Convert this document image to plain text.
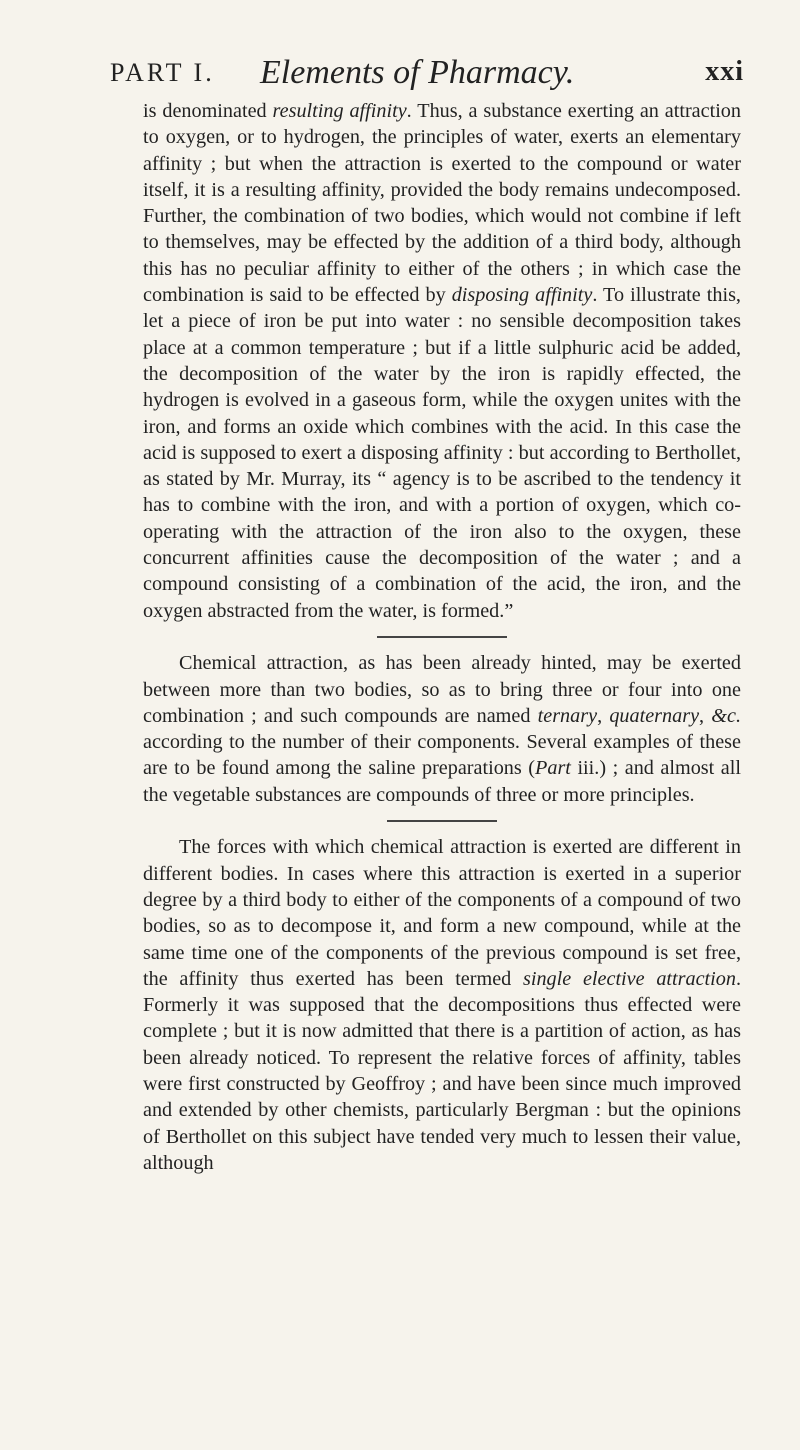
PART I. Elements of Pharmacy.	xxi

is denominated resulting affinity. Thus, a substance exerting an attraction to oxygen, or to hydrogen, the principles of water, exerts an elementary affinity ; but when the attraction is exerted to the compound or water itself, it is a resulting affinity, provided the body remains undecomposed. Further, the combination of two bodies, which would not combine if left to themselves, may be effected by the addition of a third body, although this has no peculiar affinity to either of the others ; in which case the combination is said to be effected by disposing affinity. To illustrate this, let a piece of iron be put into water : no sensible decomposition takes place at a common temperature ; but if a little sulphuric acid be added, the decomposition of the water by the iron is rapidly effected, the hydrogen is evolved in a gaseous form, while the oxygen unites with the iron, and forms an oxide which combines with the acid. In this case the acid is supposed to exert a disposing affinity : but according to Berthollet, as stated by Mr. Murray, its “ agency is to be ascribed to the tendency it has to combine with the iron, and with a portion of oxygen, which co-operating with the attraction of the iron also to the oxygen, these concurrent affinities cause the decomposition of the water ; and a compound consisting of a combination of the acid, the iron, and the oxygen abstracted from the water, is formed.”

Chemical attraction, as has been already hinted, may be exerted between more than two bodies, so as to bring three or four into one combination ; and such compounds are named ternary, quaternary, &c. according to the number of their components. Several examples of these are to be found among the saline preparations (Part iii.) ; and almost all the vegetable substances are compounds of three or more principles.

The forces with which chemical attraction is exerted are different in different bodies. In cases where this attraction is exerted in a superior degree by a third body to either of the components of a compound of two bodies, so as to decompose it, and form a new compound, while at the same time one of the components of the previous compound is set free, the affinity thus exerted has been termed single elective attraction. Formerly it was supposed that the decompositions thus effected were complete ; but it is now admitted that there is a partition of action, as has been already noticed. To represent the relative forces of affinity, tables were first constructed by Geoffroy ; and have been since much improved and extended by other chemists, particularly Bergman : but the opinions of Berthollet on this subject have tended very much to lessen their value, although
